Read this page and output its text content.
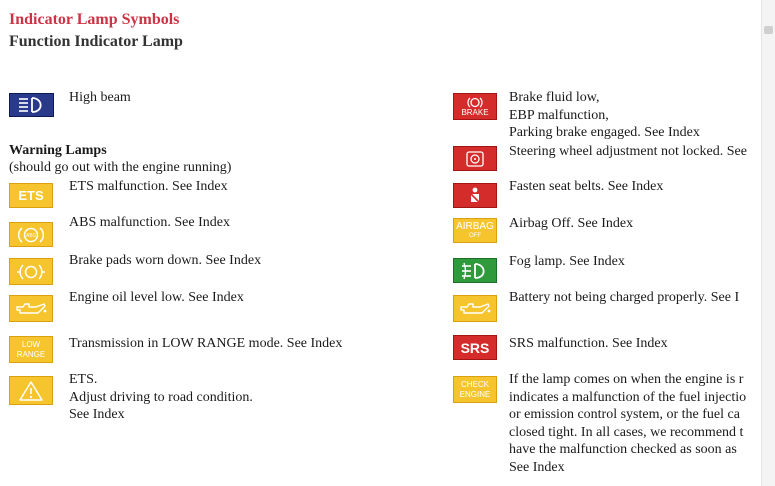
Indicator Lamp Symbols
Function Indicator Lamp
High beam
Warning Lamps
(should go out with the engine running)
ETS
ETS malfunction. See Index
ABS
ABS malfunction. See Index
Brake pads worn down. See Index
Engine oil level low. See Index
LOW
RANGE
Transmission in LOW RANGE mode. See Index
ETS.
Adjust driving to road condition.
See Index
BRAKE
Brake fluid low,
EBP malfunction,
Parking brake engaged. See Index
Steering wheel adjustment not locked. See
Fasten seat belts. See Index
AIRBAG
OFF
Airbag Off. See Index
Fog lamp. See Index
Battery not being charged properly. See I
SRS SRS malfunction. See Index
CHECK
ENGINE
If the lamp comes on when the engine is r
indicates a malfunction of the fuel injectio
or emission control system, or the fuel ca
closed tight. In all cases, we recommend t
have the malfunction checked as soon as
See Index
